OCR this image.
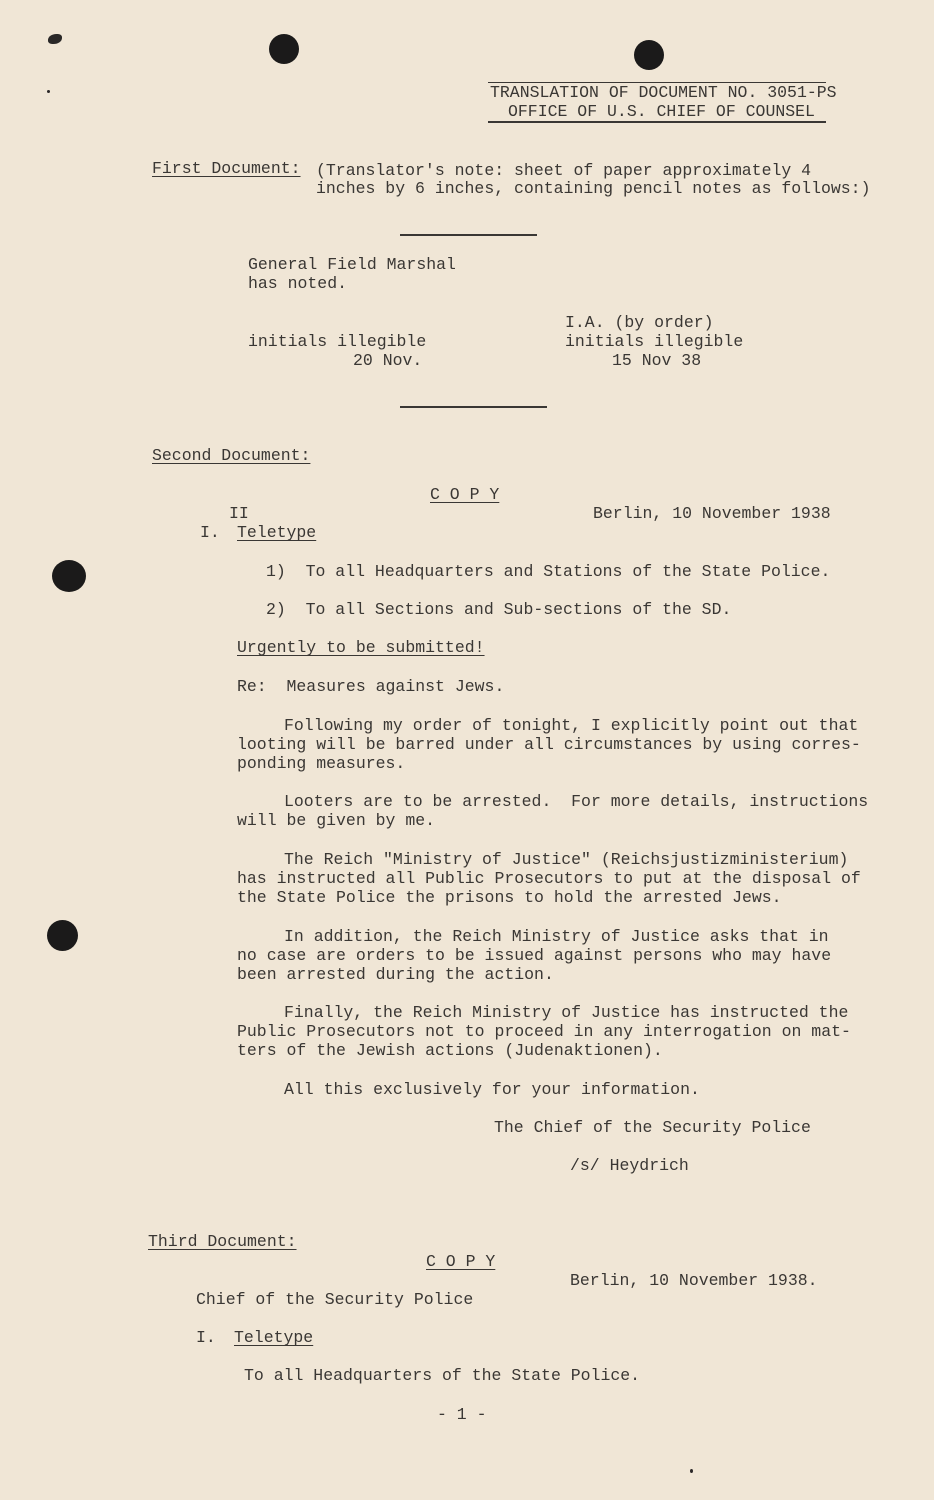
TRANSLATION OF DOCUMENT NO. 3051-PS
OFFICE OF U.S. CHIEF OF COUNSEL
First Document: (Translator's note: sheet of paper approximately 4
inches by 6 inches, containing pencil notes as follows:)
General Field Marshal
has noted.
I.A. (by order)
initials illegible	initials illegible
20 Nov.	15 Nov 38
Second Document:
C O P Y
II	Berlin, 10 November 1938
I. Teletype
1)  To all Headquarters and Stations of the State Police.
2)  To all Sections and Sub-sections of the SD.
Urgently to be submitted!
Re:  Measures against Jews.
Following my order of tonight, I explicitly point out that
looting will be barred under all circumstances by using corres-
ponding measures.
Looters are to be arrested.  For more details, instructions
will be given by me.
The Reich "Ministry of Justice" (Reichsjustizministerium)
has instructed all Public Prosecutors to put at the disposal of
the State Police the prisons to hold the arrested Jews.
In addition, the Reich Ministry of Justice asks that in
no case are orders to be issued against persons who may have
been arrested during the action.
Finally, the Reich Ministry of Justice has instructed the
Public Prosecutors not to proceed in any interrogation on mat-
ters of the Jewish actions (Judenaktionen).
All this exclusively for your information.
The Chief of the Security Police
/s/ Heydrich
Third Document:
C O P Y
Berlin, 10 November 1938.
Chief of the Security Police
I. Teletype
To all Headquarters of the State Police.
- 1 -
